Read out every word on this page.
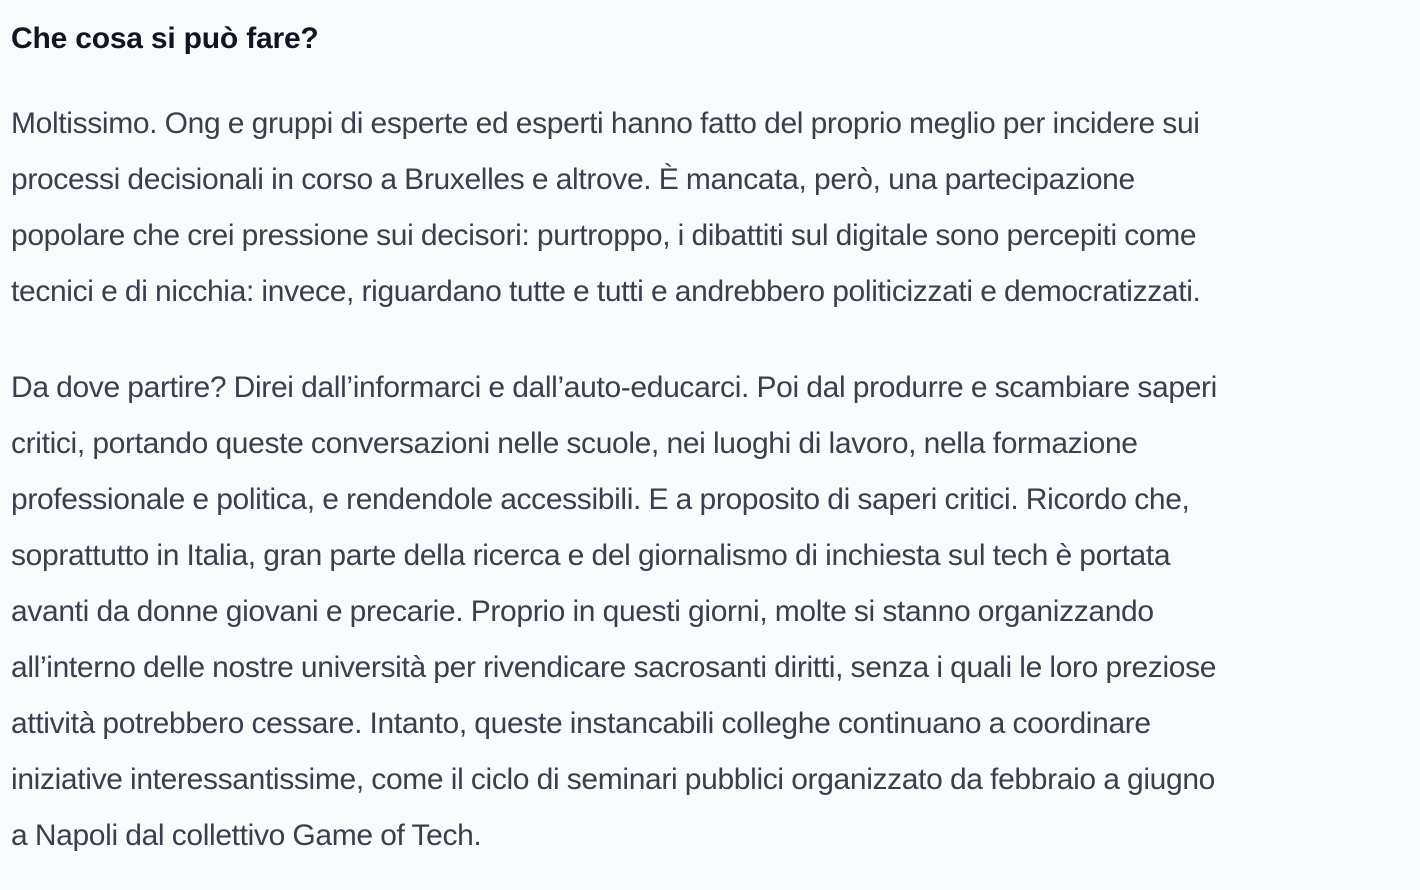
Che cosa si può fare?

Moltissimo. Ong e gruppi di esperte ed esperti hanno fatto del proprio meglio per incidere sui
processi decisionali in corso a Bruxelles e altrove. È mancata, però, una partecipazione
popolare che crei pressione sui decisori: purtroppo, i dibattiti sul digitale sono percepiti come
tecnici e di nicchia: invece, riguardano tutte e tutti e andrebbero politicizzati e democratizzati.

Da dove partire? Direi dall’informarci e dall’auto-educarci. Poi dal produrre e scambiare saperi
critici, portando queste conversazioni nelle scuole, nei luoghi di lavoro, nella formazione
professionale e politica, e rendendole accessibili. E a proposito di saperi critici. Ricordo che,
soprattutto in Italia, gran parte della ricerca e del giornalismo di inchiesta sul tech è portata
avanti da donne giovani e precarie. Proprio in questi giorni, molte si stanno organizzando
all’interno delle nostre università per rivendicare sacrosanti diritti, senza i quali le loro preziose
attività potrebbero cessare. Intanto, queste instancabili colleghe continuano a coordinare
iniziative interessantissime, come il ciclo di seminari pubblici organizzato da febbraio a giugno
a Napoli dal collettivo Game of Tech.
